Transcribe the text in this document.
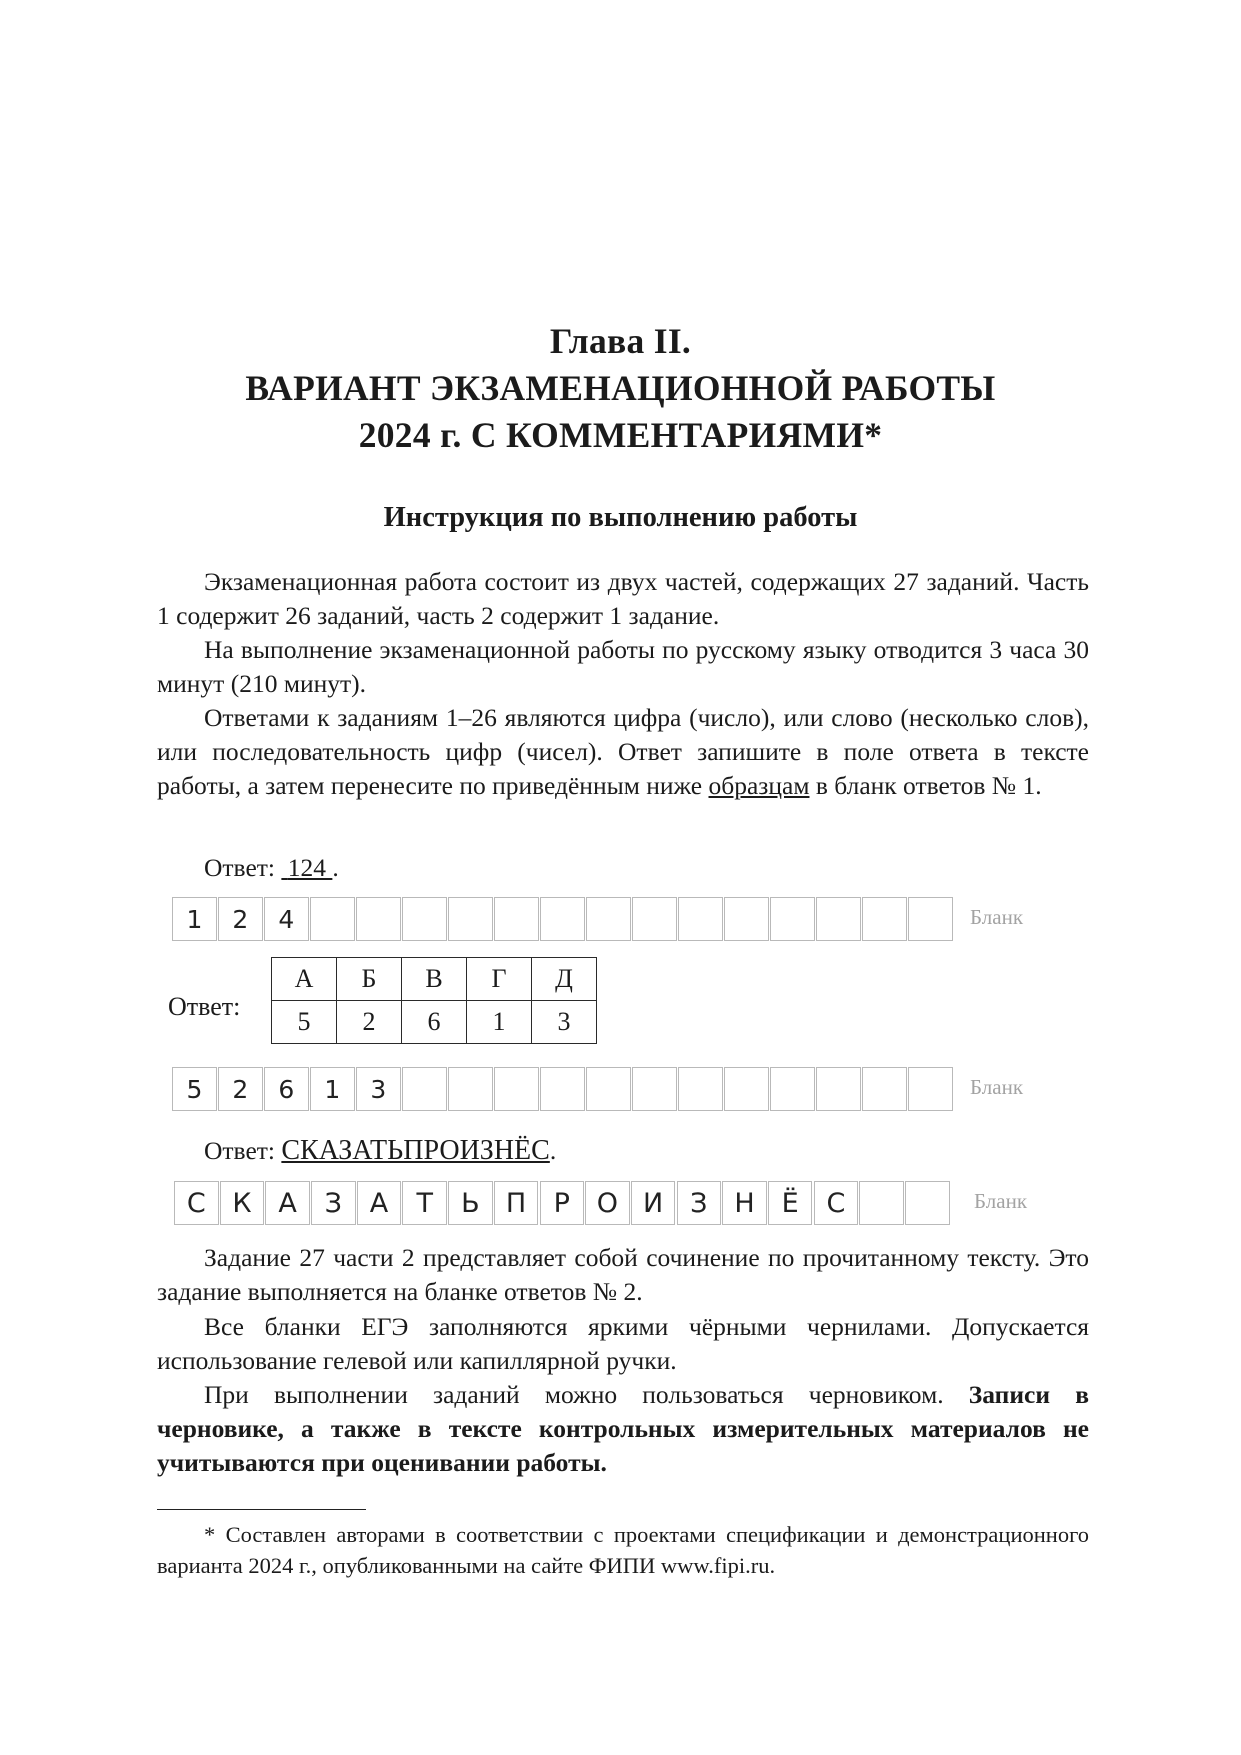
Глава II.
ВАРИАНТ ЭКЗАМЕНАЦИОННОЙ РАБОТЫ
2024 г. С КОММЕНТАРИЯМИ*
Инструкция по выполнению работы

Экзаменационная работа состоит из двух частей, содержащих 27 заданий. Часть 1 содержит 26 заданий, часть 2 содержит 1 задание.

На выполнение экзаменационной работы по русскому языку отводится 3 часа 30 минут (210 минут).

Ответами к заданиям 1–26 являются цифра (число), или слово (несколько слов), или последовательность цифр (чисел). Ответ запишите в поле ответа в тексте работы, а затем перенесите по приведённым ниже образцам в бланк ответов № 1.

Ответ: 124 .
1	2	4	Бланк
Ответ:
А	Б	В	Г	Д
5	2	6	1	3
5	2	6	1	3	Бланк
Ответ: СКАЗАТЬПРОИЗНЁС.
С К А	З	А	Т	Ь П	Р О И З Н	Ё	С	Бланк

Задание 27 части 2 представляет собой сочинение по прочитанному тексту. Это задание выполняется на бланке ответов № 2.

Все бланки ЕГЭ заполняются яркими чёрными чернилами. Допускается использование гелевой или капиллярной ручки.

При выполнении заданий можно пользоваться черновиком. Записи в черновике, а также в тексте контрольных измерительных материалов не учитываются при оценивании работы.

* Составлен авторами в соответствии с проектами спецификации и демонстрационного варианта 2024 г., опубликованными на сайте ФИПИ www.fipi.ru.
